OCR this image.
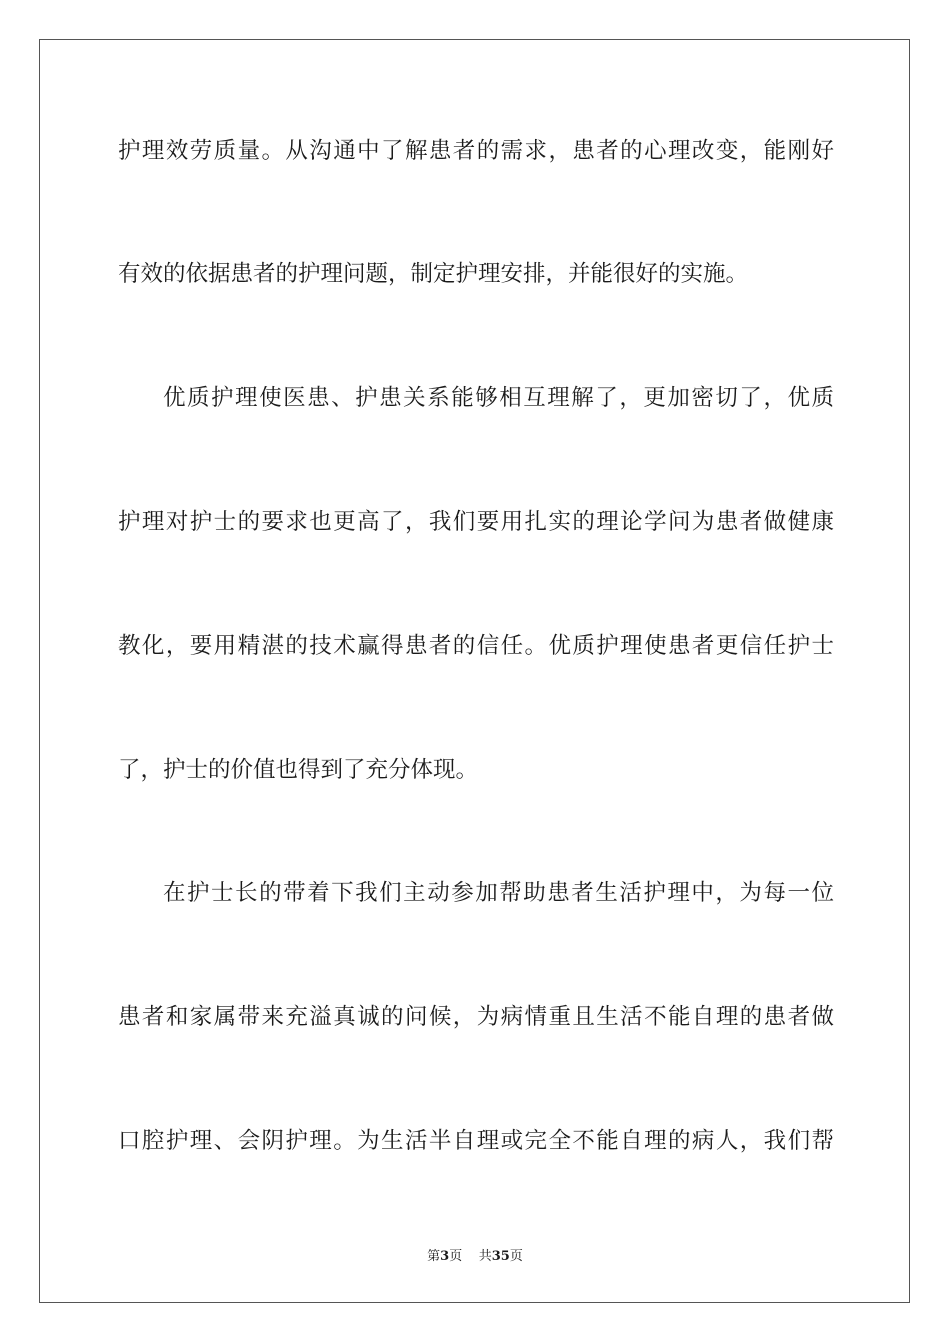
护理效劳质量。从沟通中了解患者的需求，患者的心理改变，能刚好
有效的依据患者的护理问题，制定护理安排，并能很好的实施。
优质护理使医患、护患关系能够相互理解了，更加密切了，优质
护理对护士的要求也更高了，我们要用扎实的理论学问为患者做健康
教化，要用精湛的技术赢得患者的信任。优质护理使患者更信任护士
了，护士的价值也得到了充分体现。
在护士长的带着下我们主动参加帮助患者生活护理中，为每一位
患者和家属带来充溢真诚的问候，为病情重且生活不能自理的患者做
口腔护理、会阴护理。为生活半自理或完全不能自理的病人，我们帮
第3页 共35页
